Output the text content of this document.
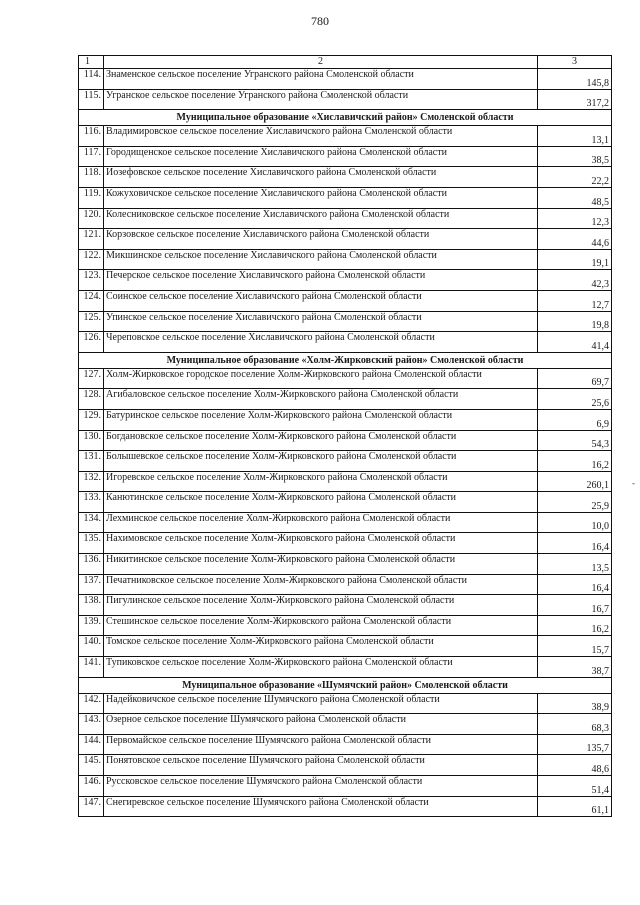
780
1	2	3
114.	Знаменское сельское поселение Угранского района Смоленской области	145,8
115.	Угранское сельское поселение Угранского района Смоленской области	317,2
Муниципальное образование «Хиславичский район» Смоленской области		
116.	Владимировское сельское поселение Хиславичского района Смоленской области	13,1
117.	Городищенское сельское поселение Хиславичского района Смоленской области	38,5
118.	Иозефовское сельское поселение Хиславичского района Смоленской области	22,2
119.	Кожуховичское сельское поселение Хиславичского района Смоленской области	48,5
120.	Колесниковское сельское поселение Хиславичского района Смоленской области	12,3
121.	Корзовское сельское поселение Хиславичского района Смоленской области	44,6
122.	Микшинское сельское поселение Хиславичского района Смоленской области	19,1
123.	Печерское сельское поселение Хиславичского района Смоленской области	42,3
124.	Соинское сельское поселение Хиславичского района Смоленской области	12,7
125.	Упинское сельское поселение Хиславичского района Смоленской области	19,8
126.	Череповское сельское поселение Хиславичского района Смоленской области	41,4
Муниципальное образование «Холм-Жирковский район» Смоленской области		
127.	Холм-Жирковское городское поселение Холм-Жирковского района Смоленской области	69,7
128.	Агибаловское сельское поселение Холм-Жирковского района Смоленской области	25,6
129.	Батуринское сельское поселение Холм-Жирковского района Смоленской области	6,9
130.	Богдановское сельское поселение Холм-Жирковского района Смоленской области	54,3
131.	Болышевское сельское поселение Холм-Жирковского района Смоленской области	16,2
132.	Игоревское сельское поселение Холм-Жирковского района Смоленской области	260,1
133.	Канютинское сельское поселение Холм-Жирковского района Смоленской области	25,9
134.	Лехминское сельское поселение Холм-Жирковского района Смоленской области	10,0
135.	Нахимовское сельское поселение Холм-Жирковского района Смоленской области	16,4
136.	Никитинское сельское поселение Холм-Жирковского района Смоленской области	13,5
137.	Печатниковское сельское поселение Холм-Жирковского района Смоленской области	16,4
138.	Пигулинское сельское поселение Холм-Жирковского района Смоленской области	16,7
139.	Стешинское сельское поселение Холм-Жирковского района Смоленской области	16,2
140.	Томское сельское поселение Холм-Жирковского района Смоленской области	15,7
141.	Тупиковское сельское поселение Холм-Жирковского района Смоленской области	38,7
Муниципальное образование «Шумячский район» Смоленской области		
142.	Надейковичское сельское поселение Шумячского района Смоленской области	38,9
143.	Озерное сельское поселение Шумячского района Смоленской области	68,3
144.	Первомайское сельское поселение Шумячского района Смоленской области	135,7
145.	Понятовское сельское поселение Шумячского района Смоленской области	48,6
146.	Руссковское сельское поселение Шумячского района Смоленской области	51,4
147.	Снегиревское сельское поселение Шумячского района Смоленской области	61,1
-
